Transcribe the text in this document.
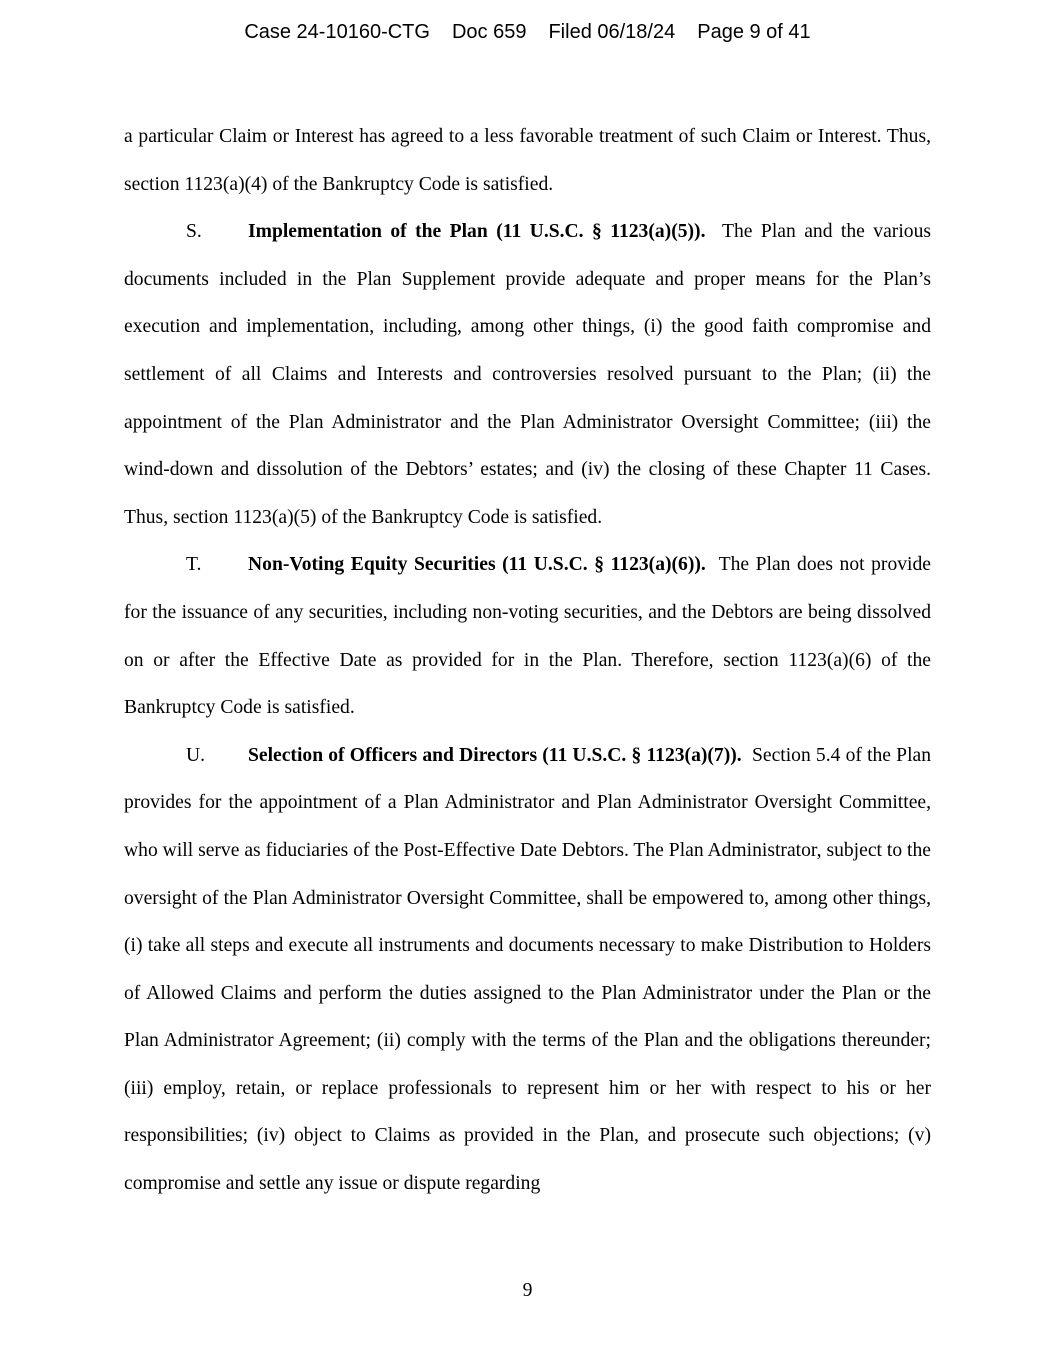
Case 24-10160-CTG Doc 659 Filed 06/18/24 Page 9 of 41

a particular Claim or Interest has agreed to a less favorable treatment of such Claim or Interest. Thus, section 1123(a)(4) of the Bankruptcy Code is satisfied.

S. Implementation of the Plan (11 U.S.C. § 1123(a)(5)). The Plan and the various documents included in the Plan Supplement provide adequate and proper means for the Plan’s execution and implementation, including, among other things, (i) the good faith compromise and settlement of all Claims and Interests and controversies resolved pursuant to the Plan; (ii) the appointment of the Plan Administrator and the Plan Administrator Oversight Committee; (iii) the wind-down and dissolution of the Debtors’ estates; and (iv) the closing of these Chapter 11 Cases. Thus, section 1123(a)(5) of the Bankruptcy Code is satisfied.

T. Non-Voting Equity Securities (11 U.S.C. § 1123(a)(6)). The Plan does not provide for the issuance of any securities, including non-voting securities, and the Debtors are being dissolved on or after the Effective Date as provided for in the Plan. Therefore, section 1123(a)(6) of the Bankruptcy Code is satisfied.

U. Selection of Officers and Directors (11 U.S.C. § 1123(a)(7)). Section 5.4 of the Plan provides for the appointment of a Plan Administrator and Plan Administrator Oversight Committee, who will serve as fiduciaries of the Post-Effective Date Debtors. The Plan Administrator, subject to the oversight of the Plan Administrator Oversight Committee, shall be empowered to, among other things, (i) take all steps and execute all instruments and documents necessary to make Distribution to Holders of Allowed Claims and perform the duties assigned to the Plan Administrator under the Plan or the Plan Administrator Agreement; (ii) comply with the terms of the Plan and the obligations thereunder; (iii) employ, retain, or replace professionals to represent him or her with respect to his or her responsibilities; (iv) object to Claims as provided in the Plan, and prosecute such objections; (v) compromise and settle any issue or dispute regarding

9
